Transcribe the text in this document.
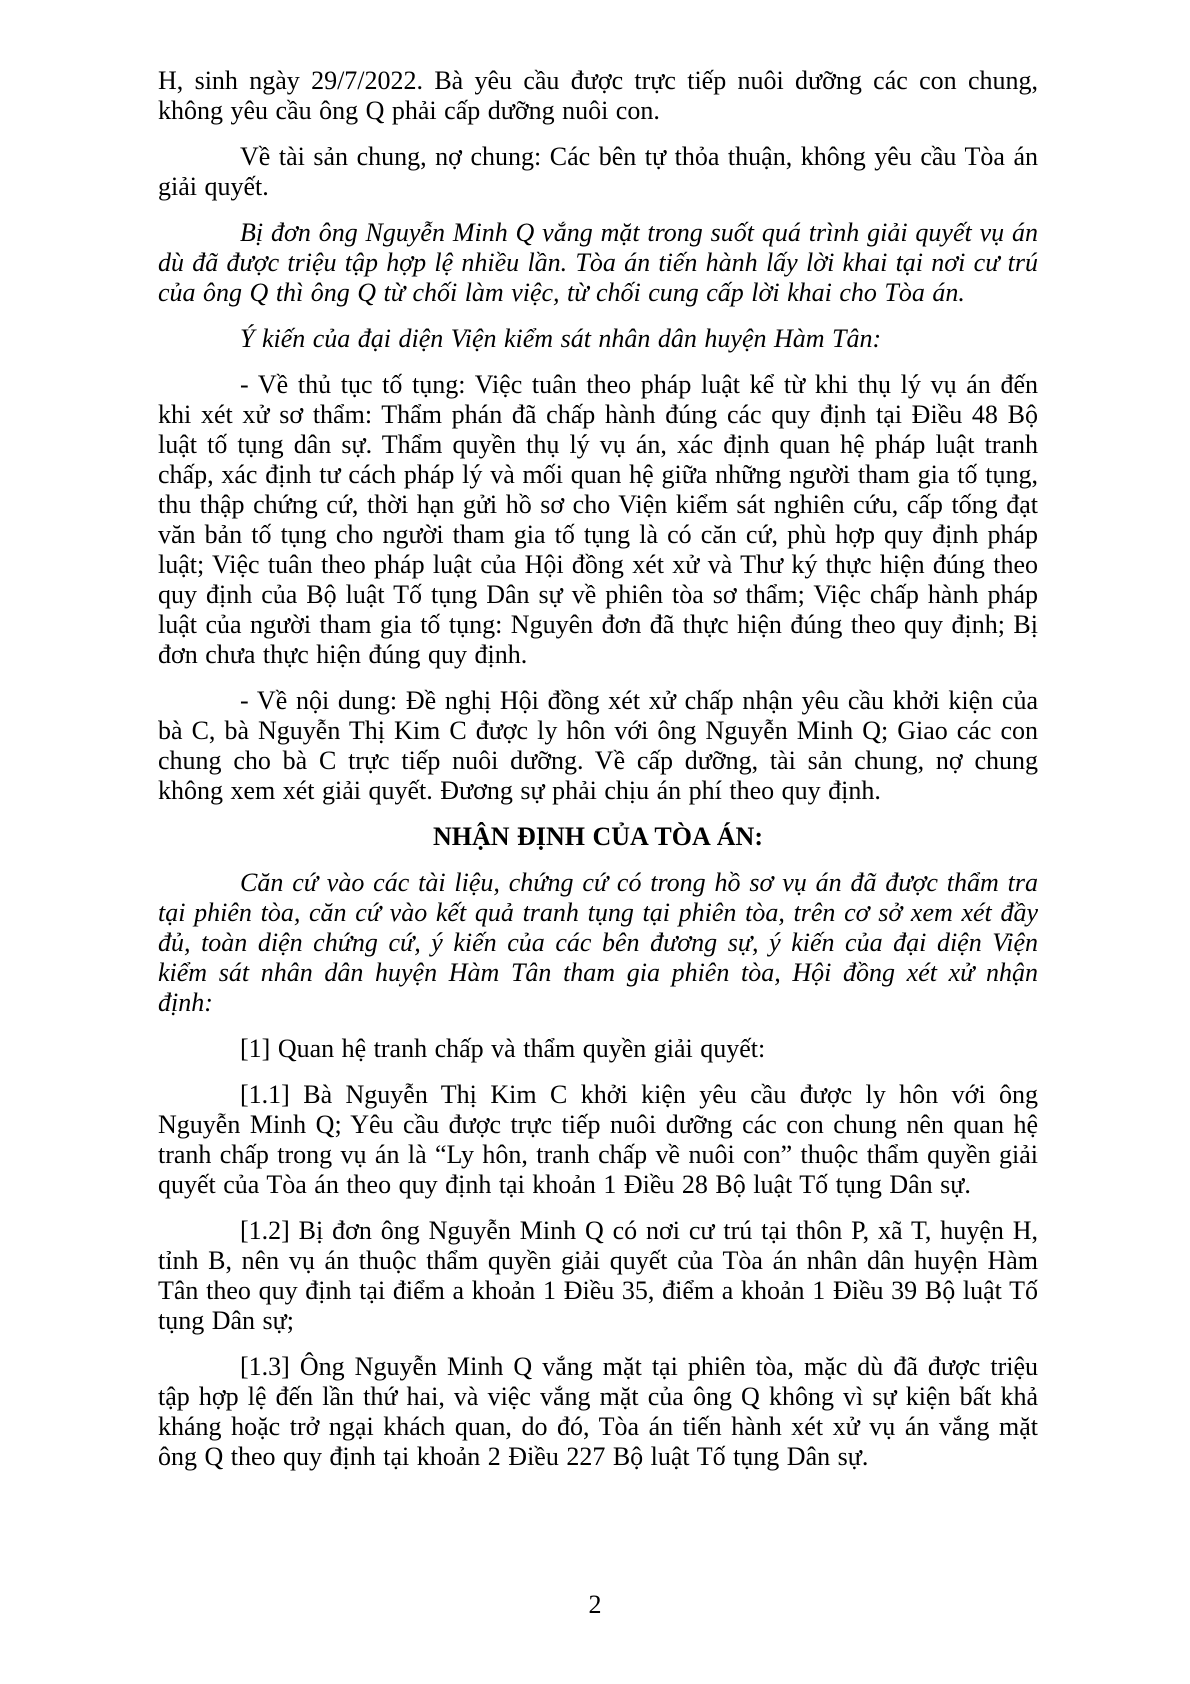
H, sinh ngày 29/7/2022. Bà yêu cầu được trực tiếp nuôi dưỡng các con chung, không yêu cầu ông Q phải cấp dưỡng nuôi con.

Về tài sản chung, nợ chung: Các bên tự thỏa thuận, không yêu cầu Tòa án giải quyết.

Bị đơn ông Nguyễn Minh Q vắng mặt trong suốt quá trình giải quyết vụ án dù đã được triệu tập hợp lệ nhiều lần. Tòa án tiến hành lấy lời khai tại nơi cư trú của ông Q thì ông Q từ chối làm việc, từ chối cung cấp lời khai cho Tòa án.

Ý kiến của đại diện Viện kiểm sát nhân dân huyện Hàm Tân:

- Về thủ tục tố tụng: Việc tuân theo pháp luật kể từ khi thụ lý vụ án đến khi xét xử sơ thẩm: Thẩm phán đã chấp hành đúng các quy định tại Điều 48 Bộ luật tố tụng dân sự. Thẩm quyền thụ lý vụ án, xác định quan hệ pháp luật tranh chấp, xác định tư cách pháp lý và mối quan hệ giữa những người tham gia tố tụng, thu thập chứng cứ, thời hạn gửi hồ sơ cho Viện kiểm sát nghiên cứu, cấp tống đạt văn bản tố tụng cho người tham gia tố tụng là có căn cứ, phù hợp quy định pháp luật; Việc tuân theo pháp luật của Hội đồng xét xử và Thư ký thực hiện đúng theo quy định của Bộ luật Tố tụng Dân sự về phiên tòa sơ thẩm; Việc chấp hành pháp luật của người tham gia tố tụng: Nguyên đơn đã thực hiện đúng theo quy định; Bị đơn chưa thực hiện đúng quy định.

- Về nội dung: Đề nghị Hội đồng xét xử chấp nhận yêu cầu khởi kiện của bà C, bà Nguyễn Thị Kim C được ly hôn với ông Nguyễn Minh Q; Giao các con chung cho bà C trực tiếp nuôi dưỡng. Về cấp dưỡng, tài sản chung, nợ chung không xem xét giải quyết. Đương sự phải chịu án phí theo quy định.

NHẬN ĐỊNH CỦA TÒA ÁN:

Căn cứ vào các tài liệu, chứng cứ có trong hồ sơ vụ án đã được thẩm tra tại phiên tòa, căn cứ vào kết quả tranh tụng tại phiên tòa, trên cơ sở xem xét đầy đủ, toàn diện chứng cứ, ý kiến của các bên đương sự, ý kiến của đại diện Viện kiểm sát nhân dân huyện Hàm Tân tham gia phiên tòa, Hội đồng xét xử nhận định:

[1] Quan hệ tranh chấp và thẩm quyền giải quyết:

[1.1] Bà Nguyễn Thị Kim C khởi kiện yêu cầu được ly hôn với ông Nguyễn Minh Q; Yêu cầu được trực tiếp nuôi dưỡng các con chung nên quan hệ tranh chấp trong vụ án là “Ly hôn, tranh chấp về nuôi con” thuộc thẩm quyền giải quyết của Tòa án theo quy định tại khoản 1 Điều 28 Bộ luật Tố tụng Dân sự.

[1.2] Bị đơn ông Nguyễn Minh Q có nơi cư trú tại thôn P, xã T, huyện H, tỉnh B, nên vụ án thuộc thẩm quyền giải quyết của Tòa án nhân dân huyện Hàm Tân theo quy định tại điểm a khoản 1 Điều 35, điểm a khoản 1 Điều 39 Bộ luật Tố tụng Dân sự;

[1.3] Ông Nguyễn Minh Q vắng mặt tại phiên tòa, mặc dù đã được triệu tập hợp lệ đến lần thứ hai, và việc vắng mặt của ông Q không vì sự kiện bất khả kháng hoặc trở ngại khách quan, do đó, Tòa án tiến hành xét xử vụ án vắng mặt ông Q theo quy định tại khoản 2 Điều 227 Bộ luật Tố tụng Dân sự.

2
